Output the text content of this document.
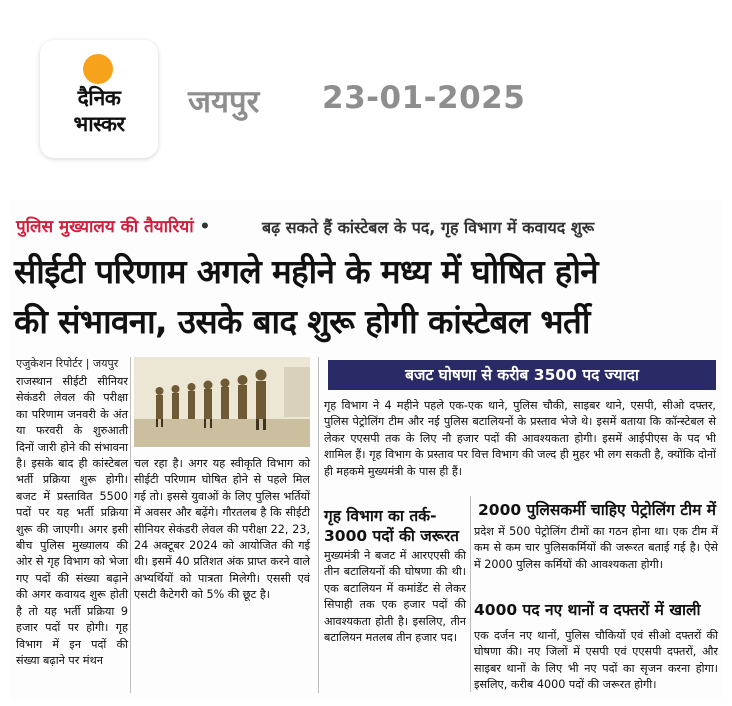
दैनिक
भास्कर
जयपुर 23-01-2025
पुलिस मुख्यालय की तैयारियां •	बढ़ सकते हैं कांस्टेबल के पद, गृह विभाग में कवायद शुरू
सीईटी परिणाम अगले महीने के मध्य में घोषित होने
की संभावना, उसके बाद शुरू होगी कांस्टेबल भर्ती
एजुकेशन रिपोर्टर | जयपुर

राजस्थान सीईटी सीनियर सेकंडरी लेवल की परीक्षा का परिणाम जनवरी के अंत या फरवरी के शुरुआती दिनों जारी होने की संभावना है। इसके बाद ही कांस्टेबल भर्ती प्रक्रिया शुरू होगी। बजट में प्रस्तावित 5500 पदों पर यह भर्ती प्रक्रिया शुरू की जाएगी। अगर इसी बीच पुलिस मुख्यालय की ओर से गृह विभाग को भेजा गए पदों की संख्या बढ़ाने की अगर कवायद शुरू होती है तो यह भर्ती प्रक्रिया 9 हजार पदों पर होगी। गृह विभाग में इन पदों की संख्या बढ़ाने पर मंथन

चल रहा है। अगर यह स्वीकृति विभाग को सीईटी परिणाम घोषित होने से पहले मिल गई तो। इससे युवाओं के लिए पुलिस भर्तियों में अवसर और बढ़ेंगे। गौरतलब है कि सीईटी सीनियर सेकंडरी लेवल की परीक्षा 22, 23, 24 अक्टूबर 2024 को आयोजित की गई थी। इसमें 40 प्रतिशत अंक प्राप्त करने वाले अभ्यर्थियों को पात्रता मिलेगी। एससी एवं एसटी कैटेगरी को 5% की छूट है।

बजट घोषणा से करीब 3500 पद ज्यादा

गृह विभाग ने 4 महीने पहले एक-एक थाने, पुलिस चौकी, साइबर थाने, एसपी, सीओ दफ्तर, पुलिस पेट्रोलिंग टीम और नई पुलिस बटालियनों के प्रस्ताव भेजे थे। इसमें बताया कि कॉन्स्टेबल से लेकर एएसपी तक के लिए नौ हजार पदों की आवश्यकता होगी। इसमें आईपीएस के पद भी शामिल हैं। गृह विभाग के प्रस्ताव पर वित्त विभाग की जल्द ही मुहर भी लग सकती है, क्योंकि दोनों ही महकमे मुख्यमंत्री के पास ही हैं।

गृह विभाग का तर्क- 3000 पदों की जरूरत

मुख्यमंत्री ने बजट में आरएएसी की तीन बटालियनों की घोषणा की थी। एक बटालियन में कमांडेंट से लेकर सिपाही तक एक हजार पदों की आवश्यकता होती है। इसलिए, तीन बटालियन मतलब तीन हजार पद।

2000 पुलिसकर्मी चाहिए पेट्रोलिंग टीम में

प्रदेश में 500 पेट्रोलिंग टीमों का गठन होना था। एक टीम में कम से कम चार पुलिसकर्मियों की जरूरत बताई गई है। ऐसे में 2000 पुलिस कर्मियों की आवश्यकता होगी।

4000 पद नए थानों व दफ्तरों में खाली

एक दर्जन नए थानों, पुलिस चौकियों एवं सीओ दफ्तरों की घोषणा की। नए जिलों में एसपी एवं एएसपी दफ्तरों, और साइबर थानों के लिए भी नए पदों का सृजन करना होगा। इसलिए, करीब 4000 पदों की जरूरत होगी।
